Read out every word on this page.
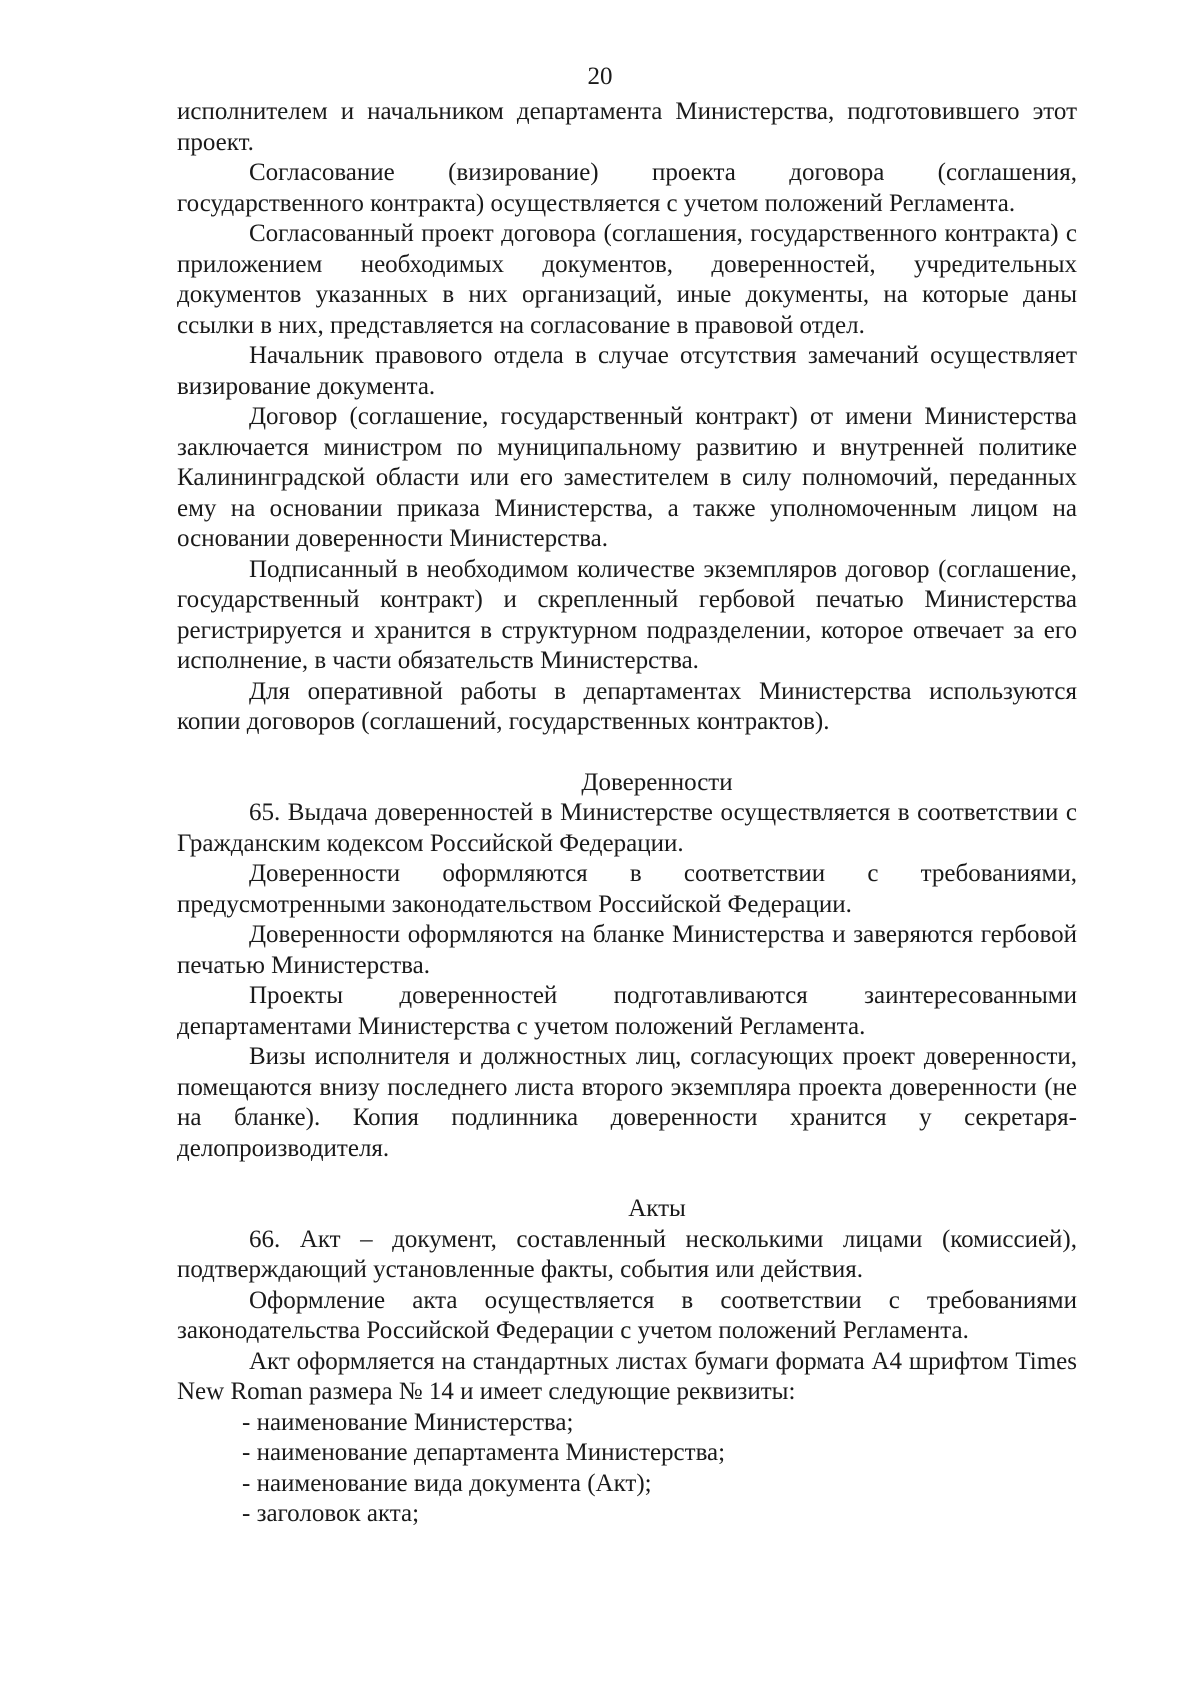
20

исполнителем и начальником департамента Министерства, подготовившего этот проект.

Согласование (визирование) проекта договора (соглашения, государственного контракта) осуществляется с учетом положений Регламента.

Согласованный проект договора (соглашения, государственного контракта) с приложением необходимых документов, доверенностей, учредительных документов указанных в них организаций, иные документы, на которые даны ссылки в них, представляется на согласование в правовой отдел.

Начальник правового отдела в случае отсутствия замечаний осуществляет визирование документа.

Договор (соглашение, государственный контракт) от имени Министерства заключается министром по муниципальному развитию и внутренней политике Калининградской области или его заместителем в силу полномочий, переданных ему на основании приказа Министерства, а также уполномоченным лицом на основании доверенности Министерства.

Подписанный в необходимом количестве экземпляров договор (соглашение, государственный контракт) и скрепленный гербовой печатью Министерства регистрируется и хранится в структурном подразделении, которое отвечает за его исполнение, в части обязательств Министерства.

Для оперативной работы в департаментах Министерства используются копии договоров (соглашений, государственных контрактов).

Доверенности

65. Выдача доверенностей в Министерстве осуществляется в соответствии с Гражданским кодексом Российской Федерации.

Доверенности оформляются в соответствии с требованиями, предусмотренными законодательством Российской Федерации.

Доверенности оформляются на бланке Министерства и заверяются гербовой печатью Министерства.

Проекты доверенностей подготавливаются заинтересованными департаментами Министерства с учетом положений Регламента.

Визы исполнителя и должностных лиц, согласующих проект доверенности, помещаются внизу последнего листа второго экземпляра проекта доверенности (не на бланке). Копия подлинника доверенности хранится у секретаря-делопроизводителя.

Акты

66. Акт – документ, составленный несколькими лицами (комиссией), подтверждающий установленные факты, события или действия.

Оформление акта осуществляется в соответствии с требованиями законодательства Российской Федерации с учетом положений Регламента.

Акт оформляется на стандартных листах бумаги формата А4 шрифтом Times New Roman размера № 14 и имеет следующие реквизиты:

- наименование Министерства;

- наименование департамента Министерства;

- наименование вида документа (Акт);

- заголовок акта;
